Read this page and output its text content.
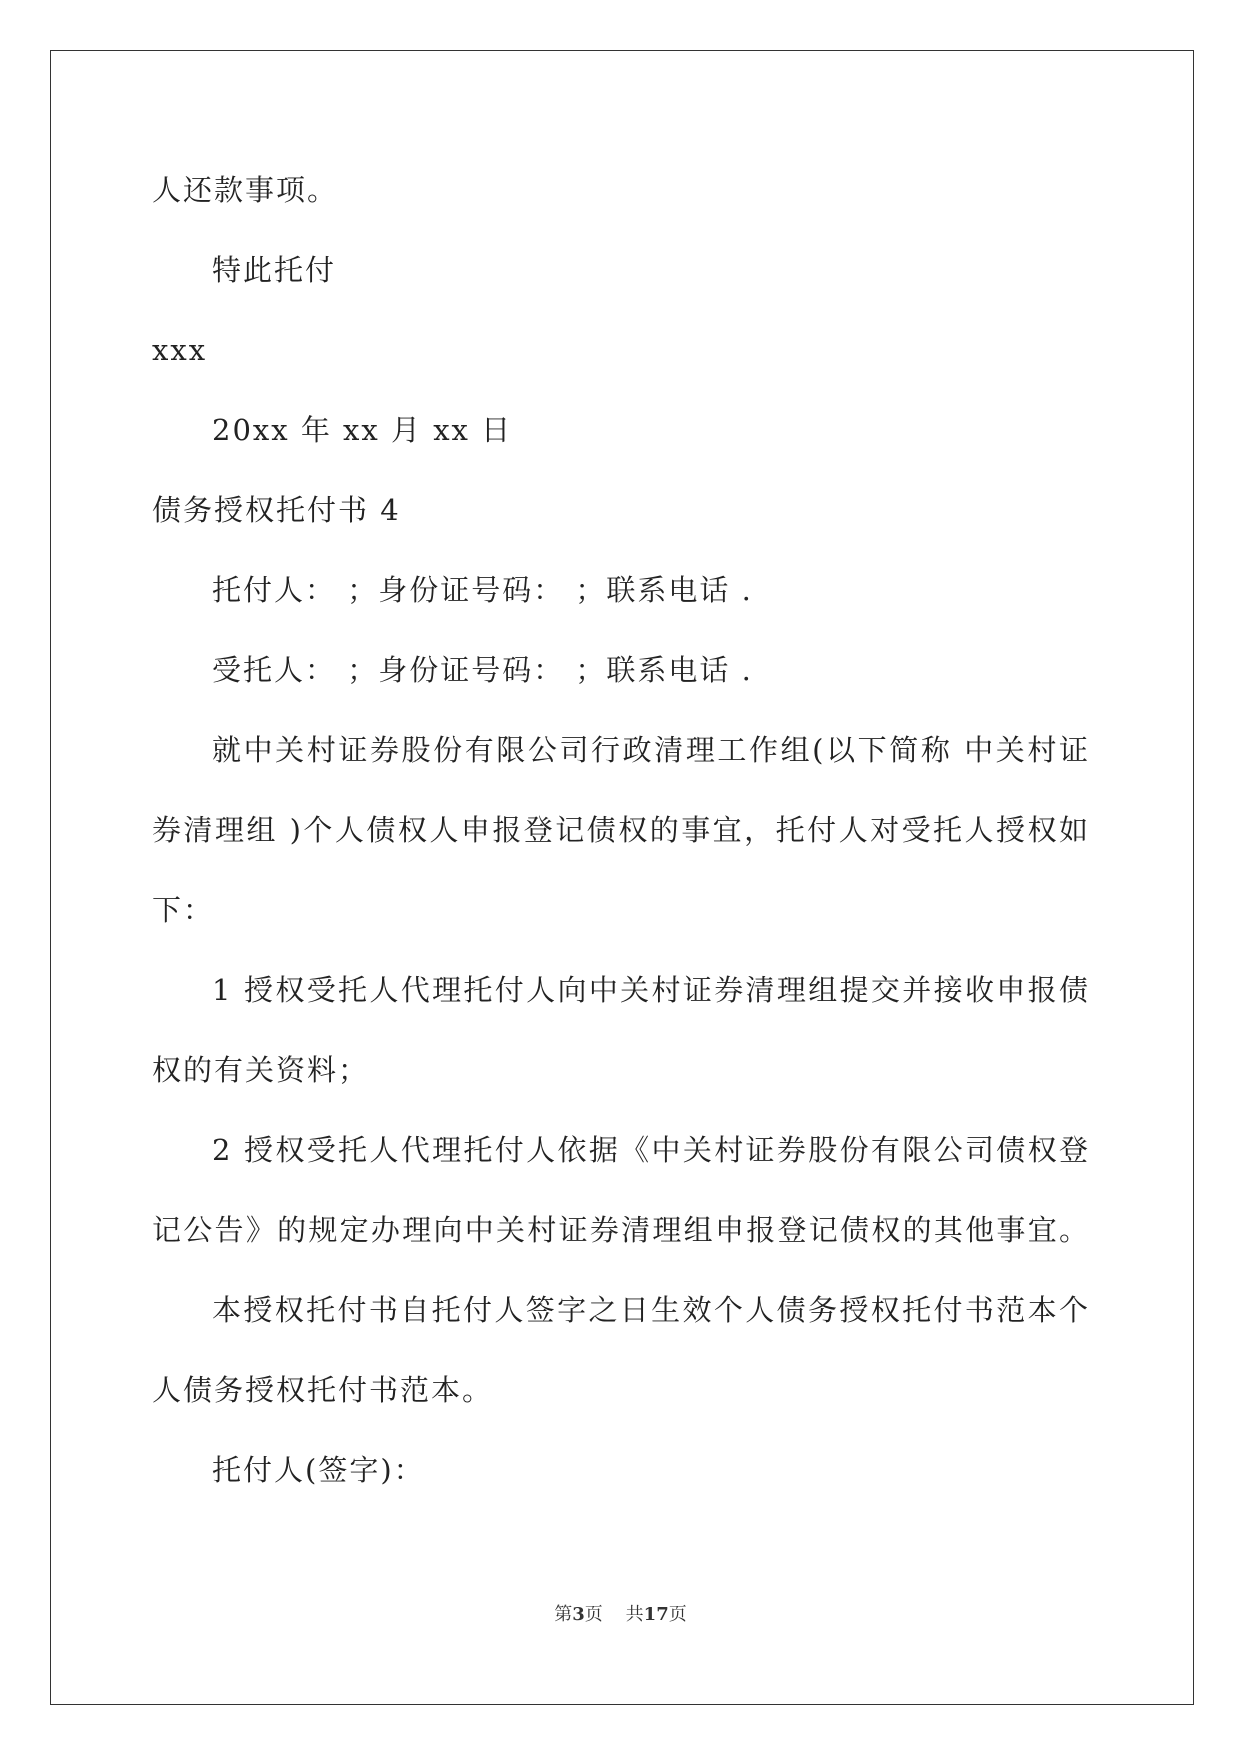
人还款事项。
特此托付
xxx
20xx 年 xx 月 xx 日
债务授权托付书 4
托付人： ；身份证号码： ；联系电话 .
受托人： ；身份证号码： ；联系电话 .
就中关村证券股份有限公司行政清理工作组(以下简称 中关村证
券清理组 )个人债权人申报登记债权的事宜，托付人对受托人授权如
下：
1 授权受托人代理托付人向中关村证券清理组提交并接收申报债
权的有关资料；
2 授权受托人代理托付人依据《中关村证券股份有限公司债权登
记公告》的规定办理向中关村证券清理组申报登记债权的其他事宜。
本授权托付书自托付人签字之日生效个人债务授权托付书范本个
人债务授权托付书范本。
托付人(签字)：
第3页 共17页
